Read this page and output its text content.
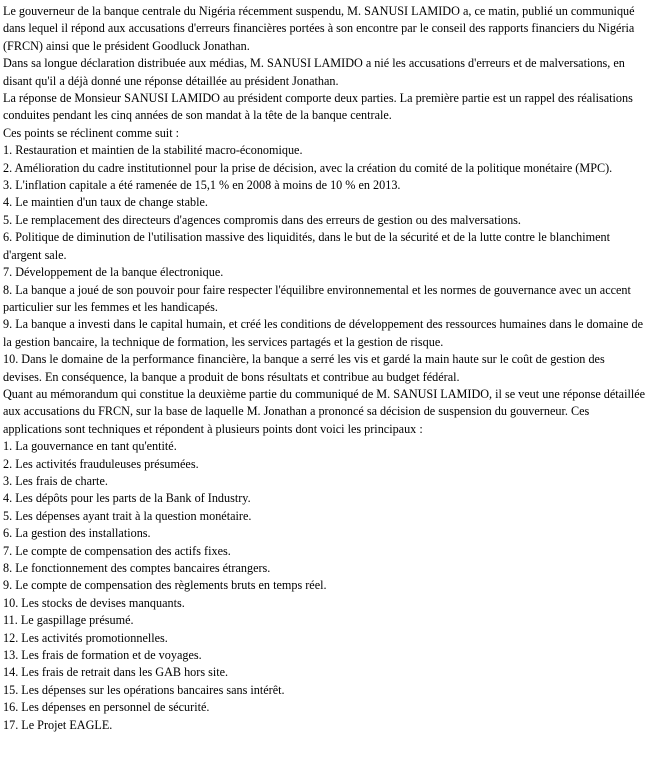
Le gouverneur de la banque centrale du Nigéria récemment suspendu, M. SANUSI LAMIDO a, ce matin, publié un communiqué dans lequel il répond aux accusations d'erreurs financières portées à son encontre par le conseil des rapports financiers du Nigéria (FRCN) ainsi que le président Goodluck Jonathan.

Dans sa longue déclaration distribuée aux médias, M. SANUSI LAMIDO a nié les accusations d'erreurs et de malversations, en disant qu'il a déjà donné une réponse détaillée au président Jonathan.

La réponse de Monsieur SANUSI LAMIDO au président comporte deux parties. La première partie est un rappel des réalisations conduites pendant les cinq années de son mandat à la tête de la banque centrale.

Ces points se réclinent comme suit :

1. Restauration et maintien de la stabilité macro-économique.

2. Amélioration du cadre institutionnel pour la prise de décision, avec la création du comité de la politique monétaire (MPC).

3. L'inflation capitale a été ramenée de 15,1 % en 2008 à moins de 10 % en 2013.

4. Le maintien d'un taux de change stable.

5. Le remplacement des directeurs d'agences compromis dans des erreurs de gestion ou des malversations.

6. Politique de diminution de l'utilisation massive des liquidités, dans le but de la sécurité et de la lutte contre le blanchiment d'argent sale.

7. Développement de la banque électronique.

8. La banque a joué de son pouvoir pour faire respecter l'équilibre environnemental et les normes de gouvernance avec un accent particulier sur les femmes et les handicapés.

9. La banque a investi dans le capital humain, et créé les conditions de développement des ressources humaines dans le domaine de la gestion bancaire, la technique de formation, les services partagés et la gestion de risque.

10. Dans le domaine de la performance financière, la banque a serré les vis et gardé la main haute sur le coût de gestion des devises. En conséquence, la banque a produit de bons résultats et contribue au budget fédéral.

Quant au mémorandum qui constitue la deuxième partie du communiqué de M. SANUSI LAMIDO, il se veut une réponse détaillée aux accusations du FRCN, sur la base de laquelle M. Jonathan a prononcé sa décision de suspension du gouverneur. Ces applications sont techniques et répondent à plusieurs points dont voici les principaux :

1. La gouvernance en tant qu'entité.

2. Les activités frauduleuses présumées.

3. Les frais de charte.

4. Les dépôts pour les parts de la Bank of Industry.

5. Les dépenses ayant trait à la question monétaire.

6. La gestion des installations.

7. Le compte de compensation des actifs fixes.

8. Le fonctionnement des comptes bancaires étrangers.

9. Le compte de compensation des règlements bruts en temps réel.

10. Les stocks de devises manquants.

11. Le gaspillage présumé.

12. Les activités promotionnelles.

13. Les frais de formation et de voyages.

14. Les frais de retrait dans les GAB hors site.

15. Les dépenses sur les opérations bancaires sans intérêt.

16. Les dépenses en personnel de sécurité.

17. Le Projet EAGLE.
